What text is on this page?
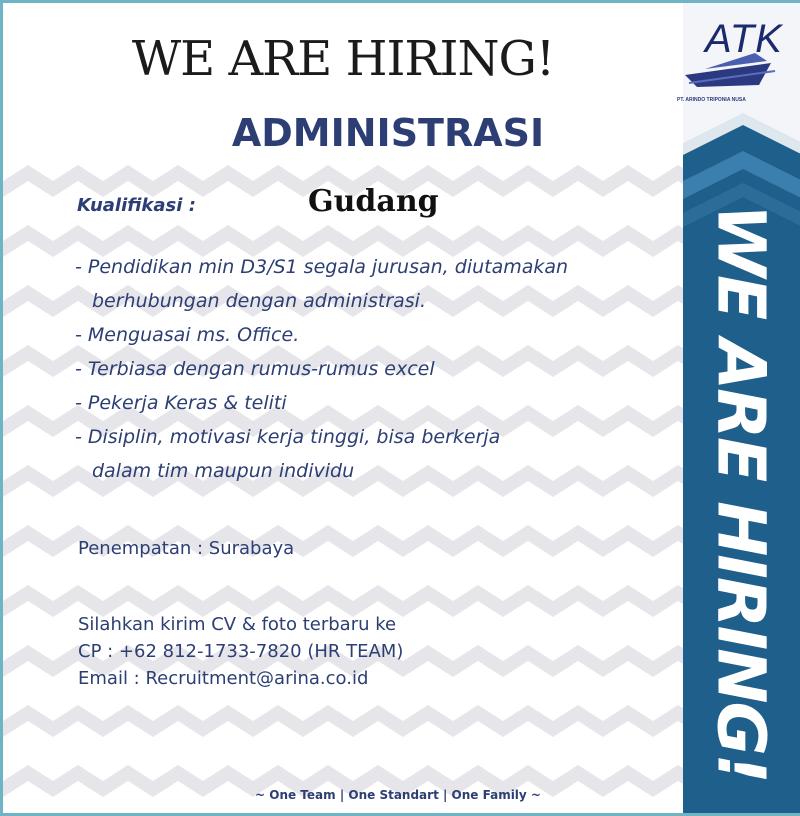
ATK
PT. ARINDO TRIPONIA NUSA
WE ARE HIRING!
WE ARE HIRING!
ADMINISTRASI
Kualifikasi :	Gudang
- Pendidikan min D3/S1 segala jurusan, diutamakan
berhubungan dengan administrasi.
- Menguasai ms. Office.
- Terbiasa dengan rumus-rumus excel
- Pekerja Keras & teliti
- Disiplin, motivasi kerja tinggi, bisa berkerja
dalam tim maupun individu
Penempatan : Surabaya
Silahkan kirim CV & foto terbaru ke
CP : +62 812-1733-7820 (HR TEAM)
Email : Recruitment@arina.co.id
~ One Team | One Standart | One Family ~
